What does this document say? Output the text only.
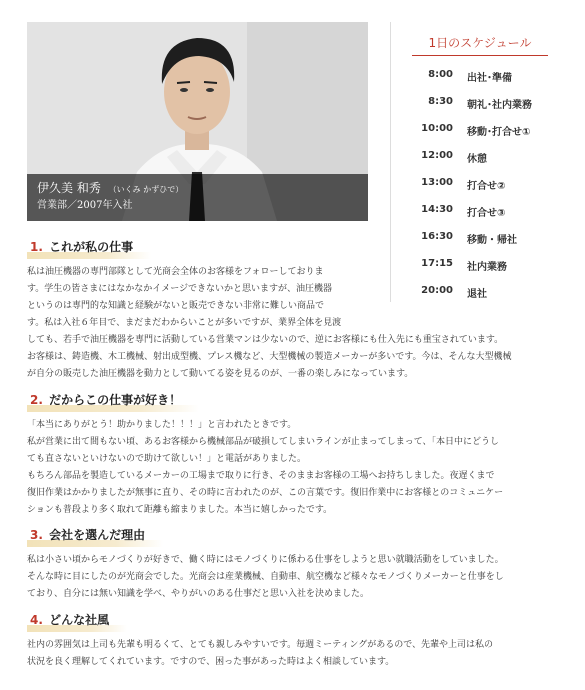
伊久美 和秀 （いくみ かずひで）
営業部／2007年入社
1日のスケジュール
8:00 出社･準備
8:30 朝礼･社内業務
10:00 移動･打合せ①
12:00 休憩
13:00 打合せ②
14:30 打合せ③
16:30 移動・帰社
17:15 社内業務
20:00 退社
1. これが私の仕事

私は油圧機器の専門部隊として光商会全体のお客様をフォローしておりま

す。学生の皆さまにはなかなかイメージできないかと思いますが、油圧機器

というのは専門的な知識と経験がないと販売できない非常に難しい商品で

す。私は入社６年目で、まだまだわからいことが多いですが、業界全体を見渡

しても、若手で油圧機器を専門に活動している営業マンは少ないので、逆にお客様にも仕入先にも重宝されています。

お客様は、鋳造機、木工機械、射出成型機、プレス機など、大型機械の製造メーカーが多いです。今は、そんな大型機械

が自分の販売した油圧機器を動力として動いてる姿を見るのが、一番の楽しみになっています。

2. だからこの仕事が好き！

「本当にありがとう！助かりました！！！」と言われたときです。

私が営業に出て間もない頃、あるお客様から機械部品が破損してしまいラインが止まってしまって、「本日中にどうし

ても直さないといけないので助けて欲しい！」と電話がありました。

もちろん部品を製造しているメーカーの工場まで取りに行き、そのままお客様の工場へお持ちしました。夜遅くまで

復旧作業はかかりましたが無事に直り、その時に言われたのが、この言葉です。復旧作業中にお客様とのコミュニケー

ションも普段より多く取れて距離も縮まりました。本当に嬉しかったです。

3. 会社を選んだ理由

私は小さい頃からモノづくりが好きで、働く時にはモノづくりに係わる仕事をしようと思い就職活動をしていました。

そんな時に目にしたのが光商会でした。光商会は産業機械、自動車、航空機など様々なモノづくりメーカーと仕事をし

ており、自分には無い知識を学べ、やりがいのある仕事だと思い入社を決めました。

4. どんな社風

社内の雰囲気は上司も先輩も明るくて、とても親しみやすいです。毎週ミーティングがあるので、先輩や上司は私の

状況を良く理解してくれています。ですので、困った事があった時はよく相談しています。
